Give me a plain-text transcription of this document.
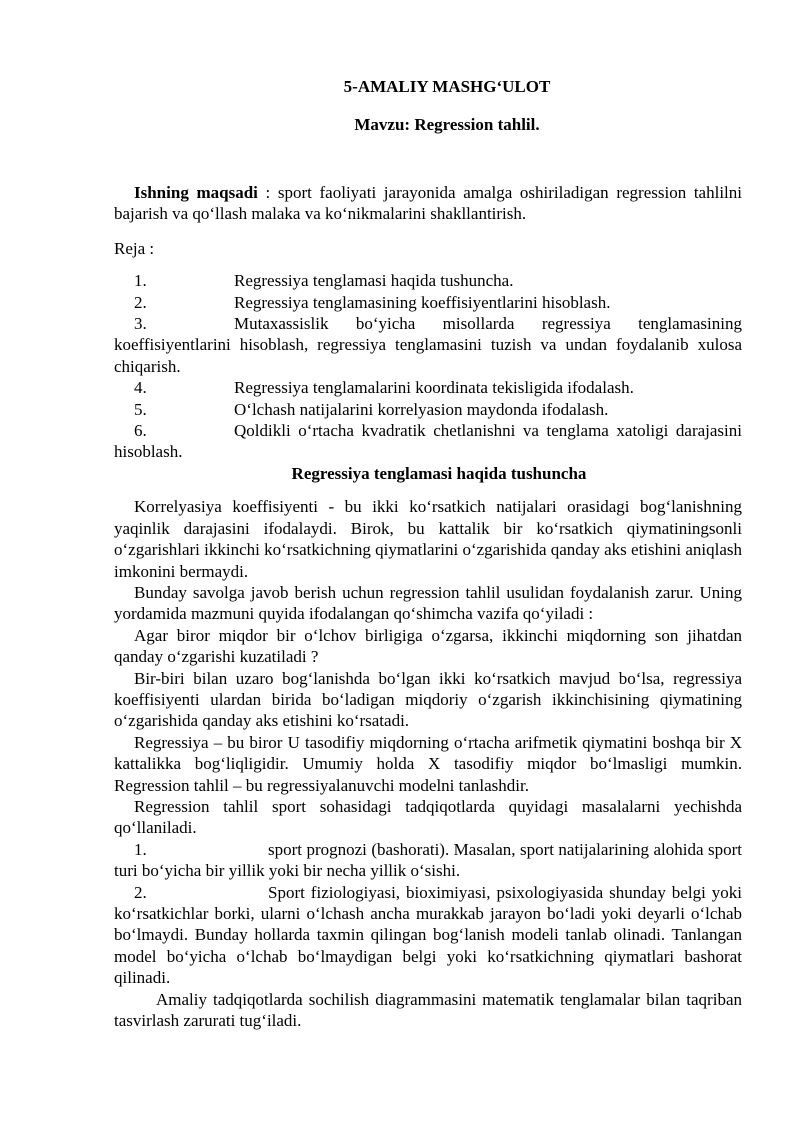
5-AMALIY MASHG‘ULOT

Mavzu: Regression tahlil.

Ishning maqsadi : sport faoliyati jarayonida amalga oshiriladigan regression tahlilni bajarish va qo‘llash malaka va ko‘nikmalarini shakllantirish.

Reja :

1.	Regressiya tenglamasi haqida tushuncha.

2.	Regressiya tenglamasining koeffisiyentlarini hisoblash.

3.	Mutaxassislik bo‘yicha misollarda regressiya tenglamasining koeffisiyentlarini hisoblash, regressiya tenglamasini tuzish va undan foydalanib xulosa chiqarish.

4.	Regressiya tenglamalarini koordinata tekisligida ifodalash.

5.	O‘lchash natijalarini korrelyasion maydonda ifodalash.

6.	Qoldikli o‘rtacha kvadratik chetlanishni va tenglama xatoligi darajasini hisoblash.

Regressiya tenglamasi haqida tushuncha

Korrelyasiya koeffisiyenti - bu ikki ko‘rsatkich natijalari orasidagi bog‘lanishning yaqinlik darajasini ifodalaydi. Birok, bu kattalik bir ko‘rsatkich qiymatiningsonli o‘zgarishlari ikkinchi ko‘rsatkichning qiymatlarini o‘zgarishida qanday aks etishini aniqlash imkonini bermaydi.

Bunday savolga javob berish uchun regression tahlil usulidan foydalanish zarur. Uning yordamida mazmuni quyida ifodalangan qo‘shimcha vazifa qo‘yiladi :

Agar biror miqdor bir o‘lchov birligiga o‘zgarsa, ikkinchi miqdorning son jihatdan qanday o‘zgarishi kuzatiladi ?

Bir-biri bilan uzaro bog‘lanishda bo‘lgan ikki ko‘rsatkich mavjud bo‘lsa, regressiya koeffisiyenti ulardan birida bo‘ladigan miqdoriy o‘zgarish ikkinchisining qiymatining o‘zgarishida qanday aks etishini ko‘rsatadi.

Regressiya – bu biror U tasodifiy miqdorning o‘rtacha arifmetik qiymatini boshqa bir X kattalikka bog‘liqligidir. Umumiy holda X tasodifiy miqdor bo‘lmasligi mumkin. Regression tahlil – bu regressiyalanuvchi modelni tanlashdir.

Regression tahlil sport sohasidagi tadqiqotlarda quyidagi masalalarni yechishda qo‘llaniladi.

1.	sport prognozi (bashorati). Masalan, sport natijalarining alohida sport turi bo‘yicha bir yillik yoki bir necha yillik o‘sishi.

2.	Sport fiziologiyasi, bioximiyasi, psixologiyasida shunday belgi yoki ko‘rsatkichlar borki, ularni o‘lchash ancha murakkab jarayon bo‘ladi yoki deyarli o‘lchab bo‘lmaydi. Bunday hollarda taxmin qilingan bog‘lanish modeli tanlab olinadi. Tanlangan model bo‘yicha o‘lchab bo‘lmaydigan belgi yoki ko‘rsatkichning qiymatlari bashorat qilinadi.

Amaliy tadqiqotlarda sochilish diagrammasini matematik tenglamalar bilan taqriban tasvirlash zarurati tug‘iladi.
